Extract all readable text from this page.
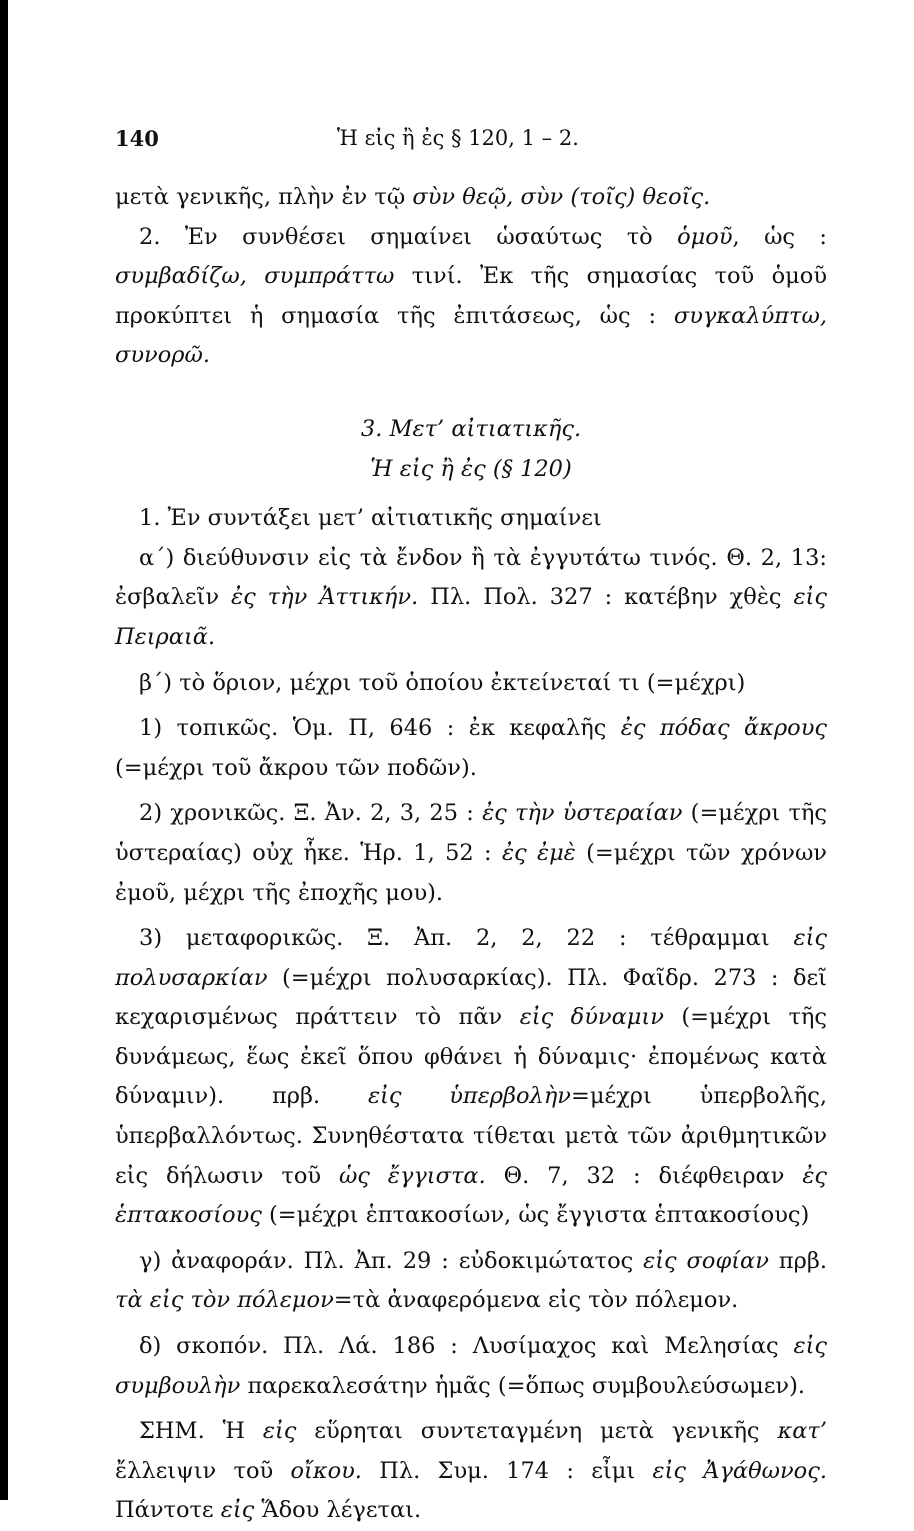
140	Ἡ εἰς ἢ ἐς § 120, 1 – 2.

μετὰ γενικῆς, πλὴν ἐν τῷ σὺν θεῷ, σὺν (τοῖς) θεοῖς.

2. Ἐν συνθέσει σημαίνει ὡσαύτως τὸ ὁμοῦ, ὡς : συμβαδίζω, συμπράττω τινί. Ἐκ τῆς σημασίας τοῦ ὁμοῦ προκύπτει ἡ σημασία τῆς ἐπιτάσεως, ὡς : συγκαλύπτω, συνορῶ.

3. Μετ’ αἰτιατικῆς.

Ἡ εἰς ἢ ἐς (§ 120)

1. Ἐν συντάξει μετ’ αἰτιατικῆς σημαίνει

α´) διεύθυνσιν εἰς τὰ ἔνδον ἢ τὰ ἐγγυτάτω τινός. Θ. 2, 13: ἐσβαλεῖν ἐς τὴν Ἀττικήν. Πλ. Πολ. 327 : κατέβην χθὲς εἰς Πειραιᾶ.

β´) τὸ ὅριον, μέχρι τοῦ ὁποίου ἐκτείνεταί τι (=μέχρι)

1) τοπικῶς. Ὁμ. Π, 646 : ἐκ κεφαλῆς ἐς πόδας ἄκρους (=μέχρι τοῦ ἄκρου τῶν ποδῶν).

2) χρονικῶς. Ξ. Ἀν. 2, 3, 25 : ἐς τὴν ὑστεραίαν (=μέχρι τῆς ὑστεραίας) οὐχ ἧκε. Ἡρ. 1, 52 : ἐς ἐμὲ (=μέχρι τῶν χρόνων ἐμοῦ, μέχρι τῆς ἐποχῆς μου).

3) μεταφορικῶς. Ξ. Ἀπ. 2, 2, 22 : τέθραμμαι εἰς πολυσαρκίαν (=μέχρι πολυσαρκίας). Πλ. Φαῖδρ. 273 : δεῖ κεχαρισμένως πράττειν τὸ πᾶν εἰς δύναμιν (=μέχρι τῆς δυνάμεως, ἕως ἐκεῖ ὅπου φθάνει ἡ δύναμις· ἐπομένως κατὰ δύναμιν). πρβ. εἰς ὑπερβολὴν=μέχρι ὑπερβολῆς, ὑπερβαλλόντως. Συνηθέστατα τίθεται μετὰ τῶν ἀριθμητικῶν εἰς δήλωσιν τοῦ ὡς ἔγγιστα. Θ. 7, 32 : διέφθειραν ἐς ἑπτακοσίους (=μέχρι ἑπτακοσίων, ὡς ἔγγιστα ἑπτακοσίους)

γ) ἀναφοράν. Πλ. Ἀπ. 29 : εὐδοκιμώτατος εἰς σοφίαν πρβ. τὰ εἰς τὸν πόλεμον=τὰ ἀναφερόμενα εἰς τὸν πόλεμον.

δ) σκοπόν. Πλ. Λά. 186 : Λυσίμαχος καὶ Μελησίας εἰς συμβουλὴν παρεκαλεσάτην ἡμᾶς (=ὅπως συμβουλεύσωμεν).

ΣΗΜ. Ἡ εἰς εὕρηται συντεταγμένη μετὰ γενικῆς κατ’ ἔλλειψιν τοῦ οἴκου. Πλ. Συμ. 174 : εἶμι εἰς Ἀγάθωνος. Πάντοτε εἰς Ἅδου λέγεται.
